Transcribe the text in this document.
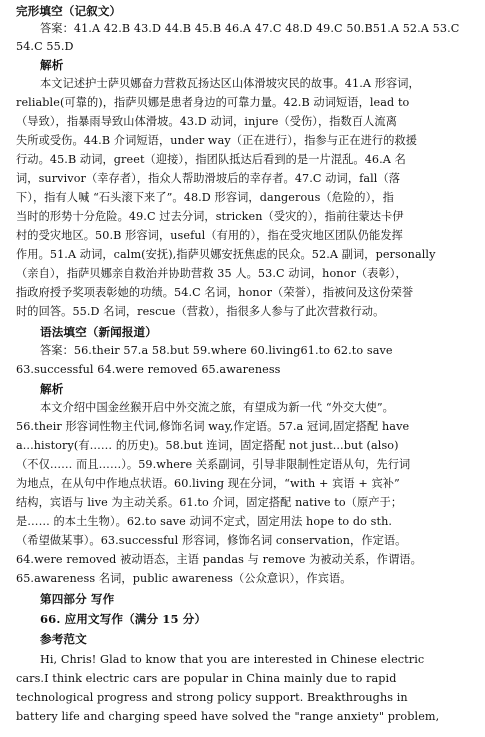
完形填空（记叙文）
答案：41.A 42.B 43.D 44.B 45.B 46.A 47.C 48.D 49.C 50.B51.A 52.A 53.C
54.C 55.D
解析
本文记述护士萨贝娜奋力营救瓦扬达区山体滑坡灾民的故事。41.A 形容词，
reliable(可靠的)，指萨贝娜是患者身边的可靠力量。42.B 动词短语，lead to
（导致），指暴雨导致山体滑坡。43.D 动词，injure（受伤），指数百人流离
失所或受伤。44.B 介词短语，under way（正在进行），指参与正在进行的救援
行动。45.B 动词，greet（迎接），指团队抵达后看到的是一片混乱。46.A 名
词，survivor（幸存者），指众人帮助滑坡后的幸存者。47.C 动词，fall（落
下），指有人喊 “石头滚下来了”。48.D 形容词，dangerous（危险的），指
当时的形势十分危险。49.C 过去分词，stricken（受灾的），指前往蒙达卡伊
村的受灾地区。50.B 形容词，useful（有用的），指在受灾地区团队仍能发挥
作用。51.A 动词，calm(安抚),指萨贝娜安抚焦虑的民众。52.A 副词，personally
（亲自），指萨贝娜亲自救治并协助营救 35 人。53.C 动词，honor（表彰），
指政府授予奖项表彰她的功绩。54.C 名词，honor（荣誉），指被问及这份荣誉
时的回答。55.D 名词，rescue（营救），指很多人参与了此次营救行动。
语法填空（新闻报道）
答案：56.their 57.a 58.but 59.where 60.living61.to 62.to save
63.successful 64.were removed 65.awareness
解析
本文介绍中国金丝猴开启中外交流之旅，有望成为新一代 “外交大使”。
56.their 形容词性物主代词,修饰名词 way,作定语。57.a 冠词,固定搭配 have
a...history(有…… 的历史)。58.but 连词，固定搭配 not just...but (also)
（不仅…… 而且……）。59.where 关系副词，引导非限制性定语从句，先行词
为地点，在从句中作地点状语。60.living 现在分词，“with + 宾语 + 宾补”
结构，宾语与 live 为主动关系。61.to 介词，固定搭配 native to（原产于；
是…… 的本土生物）。62.to save 动词不定式，固定用法 hope to do sth.
（希望做某事）。63.successful 形容词，修饰名词 conservation，作定语。
64.were removed 被动语态，主语 pandas 与 remove 为被动关系，作谓语。
65.awareness 名词，public awareness（公众意识），作宾语。
第四部分 写作
66. 应用文写作（满分 15 分）
参考范文
Hi, Chris! Glad to know that you are interested in Chinese electric
cars.I think electric cars are popular in China mainly due to rapid
technological progress and strong policy support. Breakthroughs in
battery life and charging speed have solved the "range anxiety" problem,
